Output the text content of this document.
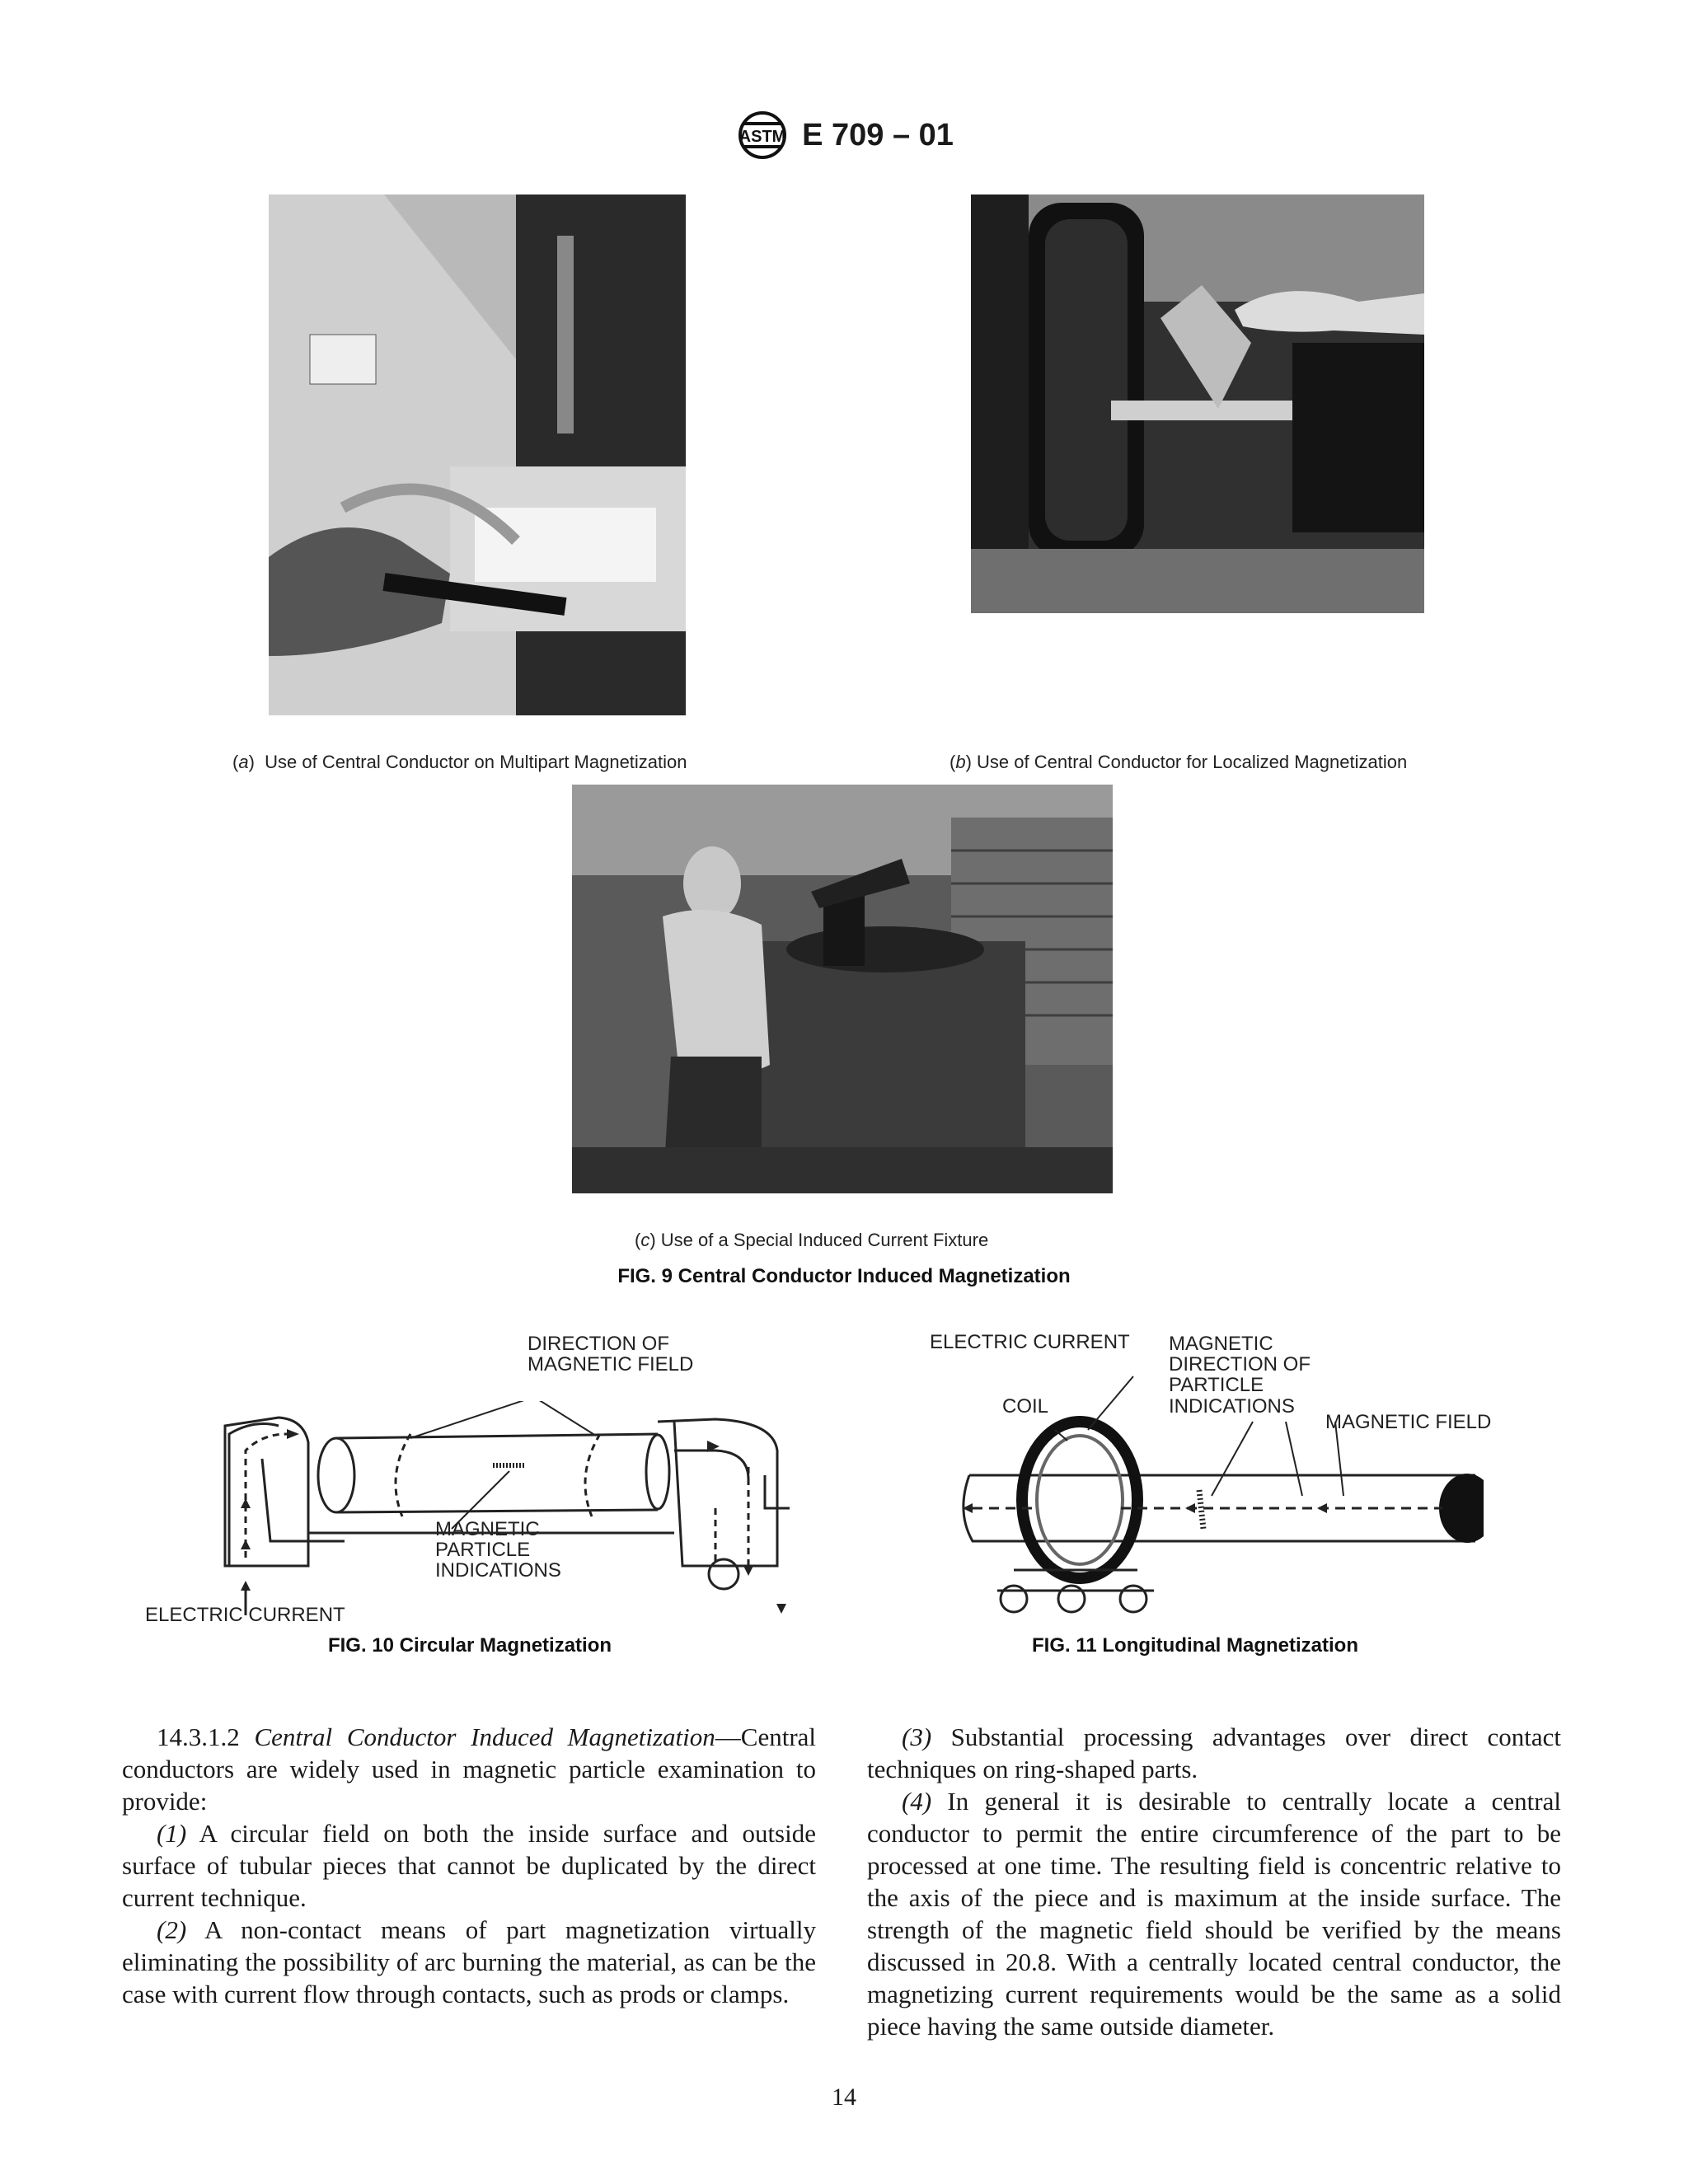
ASTM E 709 – 01
(a)  Use of Central Conductor on Multipart Magnetization	(b) Use of Central Conductor for Localized Magnetization
(c) Use of a Special Induced Current Fixture
FIG. 9 Central Conductor Induced Magnetization
DIRECTION OF
MAGNETIC FIELD
MAGNETIC
PARTICLE
INDICATIONS
ELECTRIC CURRENT
FIG. 10 Circular Magnetization
ELECTRIC CURRENT MAGNETIC
DIRECTION OF
PARTICLE
INDICATIONS
COIL
MAGNETIC FIELD
FIG. 11 Longitudinal Magnetization

14.3.1.2 Central Conductor Induced Magnetization—Central conductors are widely used in magnetic particle examination to provide:

(1) A circular field on both the inside surface and outside surface of tubular pieces that cannot be duplicated by the direct current technique.

(2) A non-contact means of part magnetization virtually eliminating the possibility of arc burning the material, as can be the case with current flow through contacts, such as prods or clamps.

(3) Substantial processing advantages over direct contact techniques on ring-shaped parts.

(4) In general it is desirable to centrally locate a central conductor to permit the entire circumference of the part to be processed at one time. The resulting field is concentric relative to the axis of the piece and is maximum at the inside surface. The strength of the magnetic field should be verified by the means discussed in 20.8. With a centrally located central conductor, the magnetizing current requirements would be the same as a solid piece having the same outside diameter.

14
